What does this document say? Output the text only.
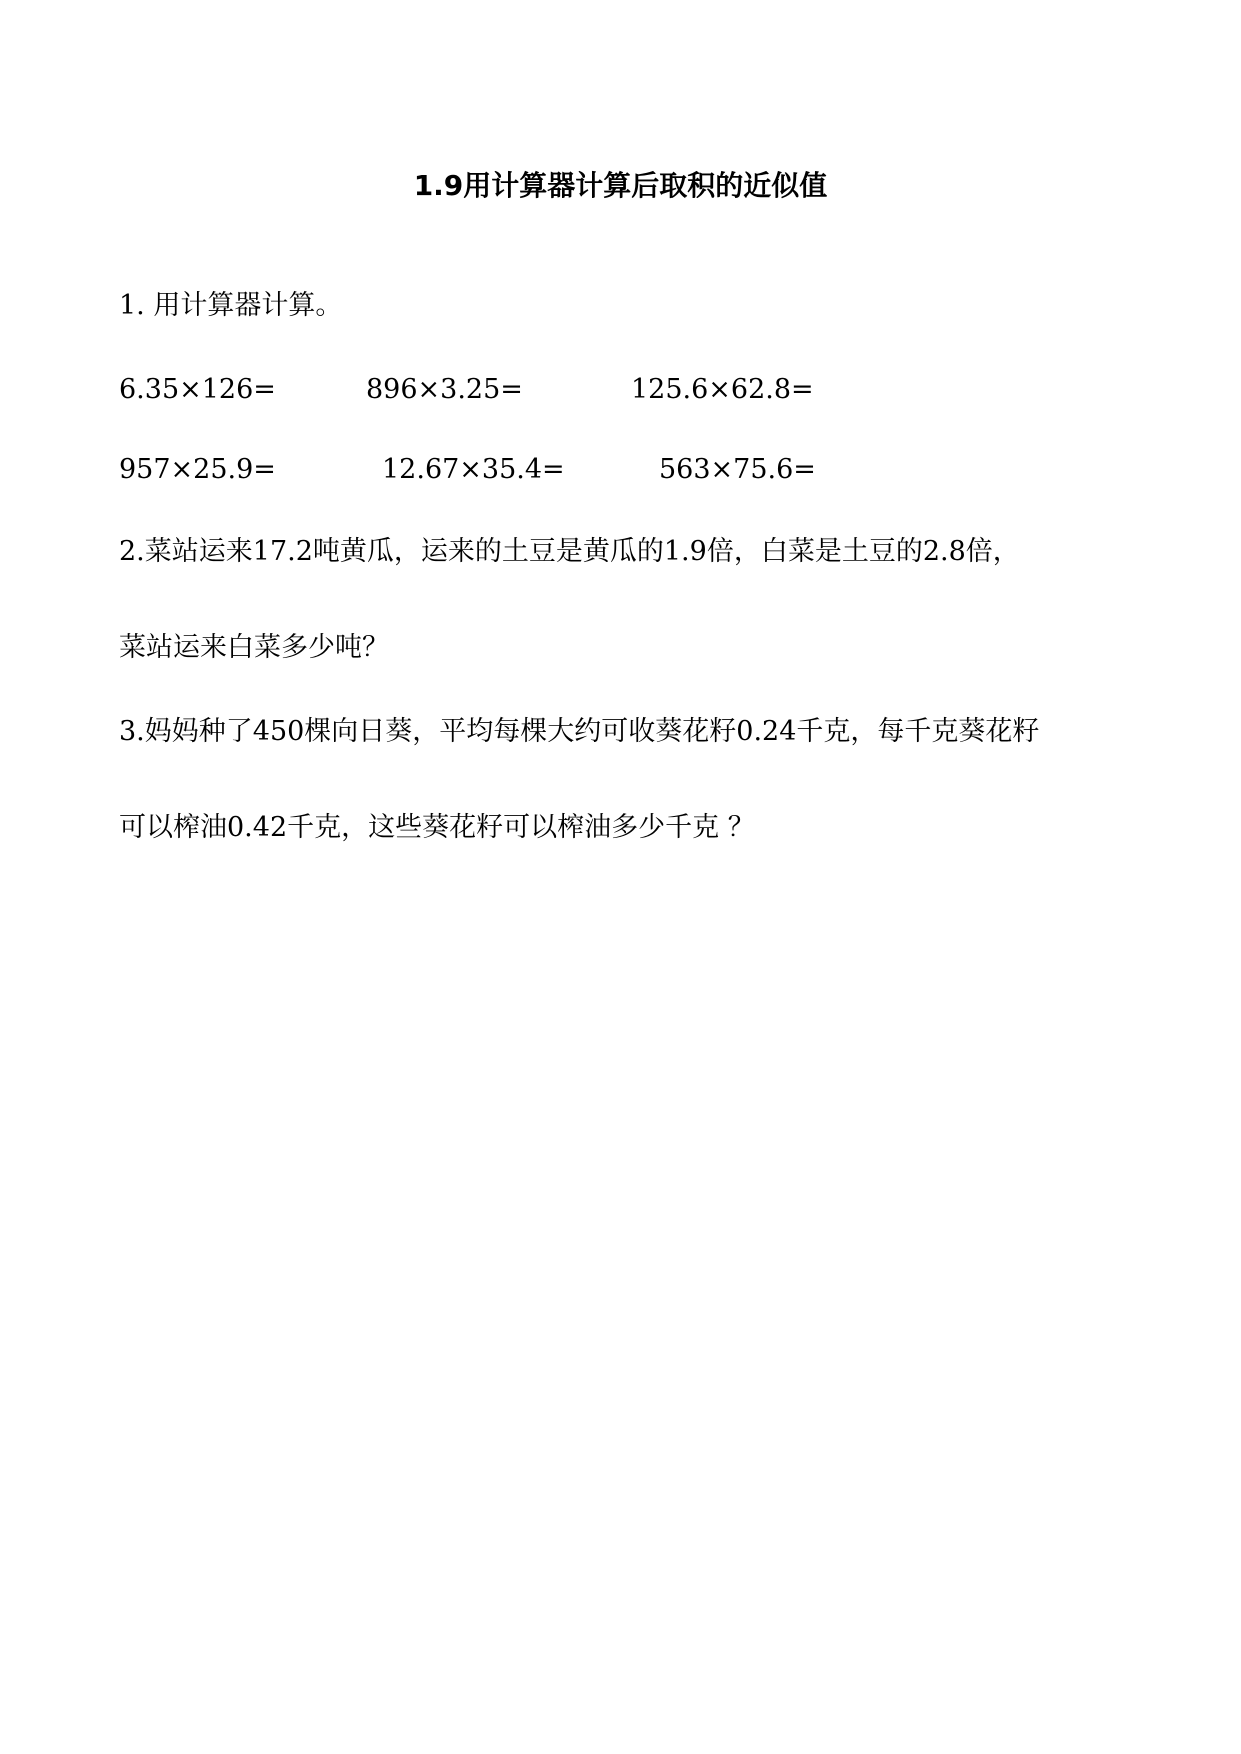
1.9用计算器计算后取积的近似值
1. 用计算器计算。
6.35×126=	896×3.25=	125.6×62.8=
957×25.9=	12.67×35.4=	563×75.6=
2.菜站运来17.2吨黄瓜，运来的土豆是黄瓜的1.9倍，白菜是土豆的2.8倍，
菜站运来白菜多少吨？
3.妈妈种了450棵向日葵，平均每棵大约可收葵花籽0.24千克，每千克葵花籽
可以榨油0.42千克，这些葵花籽可以榨油多少千克 ？
